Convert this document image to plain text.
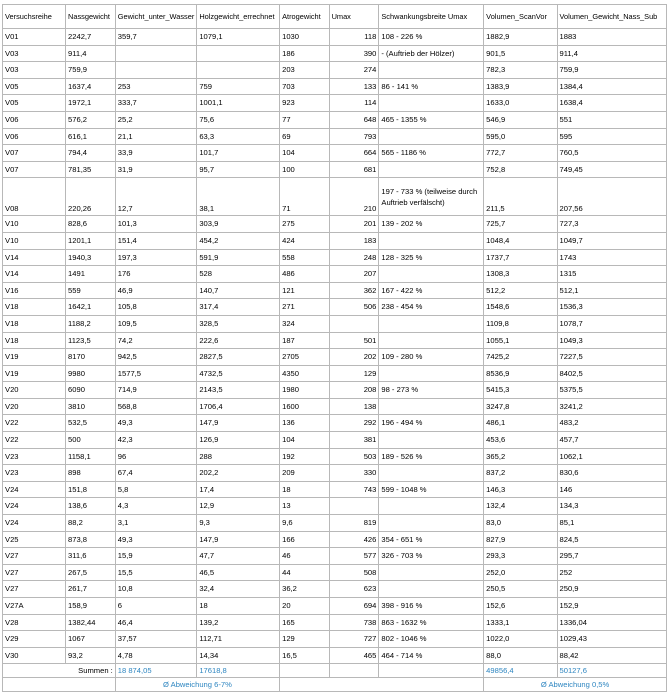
Versuchsreihe	Nassgewicht	Gewicht_unter_Wasser	Holzgewicht_errechnet	Atrogewicht	Umax	Schwankungsbreite Umax	Volumen_ScanVor	Volumen_Gewicht_Nass_Sub
V01	2242,7	359,7	1079,1	1030	118	108 - 226 %	1882,9	1883
V03	911,4			186	390	- (Auftrieb der Hölzer)	901,5	911,4
V03	759,9			203	274		782,3	759,9
V05	1637,4	253	759	703	133	86 - 141 %	1383,9	1384,4
V05	1972,1	333,7	1001,1	923	114		1633,0	1638,4
V06	576,2	25,2	75,6	77	648	465 - 1355 %	546,9	551
V06	616,1	21,1	63,3	69	793		595,0	595
V07	794,4	33,9	101,7	104	664	565 - 1186 %	772,7	760,5
V07	781,35	31,9	95,7	100	681		752,8	749,45
V08	220,26	12,7	38,1	71	210	197 - 733 % (teilweise durch Auftrieb verfälscht)	211,5	207,56
V10	828,6	101,3	303,9	275	201	139 - 202 %	725,7	727,3
V10	1201,1	151,4	454,2	424	183		1048,4	1049,7
V14	1940,3	197,3	591,9	558	248	128 - 325 %	1737,7	1743
V14	1491	176	528	486	207		1308,3	1315
V16	559	46,9	140,7	121	362	167 - 422 %	512,2	512,1
V18	1642,1	105,8	317,4	271	506	238 - 454 %	1548,6	1536,3
V18	1188,2	109,5	328,5	324			1109,8	1078,7
V18	1123,5	74,2	222,6	187	501		1055,1	1049,3
V19	8170	942,5	2827,5	2705	202	109 - 280 %	7425,2	7227,5
V19	9980	1577,5	4732,5	4350	129		8536,9	8402,5
V20	6090	714,9	2143,5	1980	208	98 - 273 %	5415,3	5375,5
V20	3810	568,8	1706,4	1600	138		3247,8	3241,2
V22	532,5	49,3	147,9	136	292	196 - 494 %	486,1	483,2
V22	500	42,3	126,9	104	381		453,6	457,7
V23	1158,1	96	288	192	503	189 - 526 %	365,2	1062,1
V23	898	67,4	202,2	209	330		837,2	830,6
V24	151,8	5,8	17,4	18	743	599 - 1048 %	146,3	146
V24	138,6	4,3	12,9	13			132,4	134,3
V24	88,2	3,1	9,3	9,6	819		83,0	85,1
V25	873,8	49,3	147,9	166	426	354 - 651 %	827,9	824,5
V27	311,6	15,9	47,7	46	577	326 - 703 %	293,3	295,7
V27	267,5	15,5	46,5	44	508		252,0	252
V27	261,7	10,8	32,4	36,2	623		250,5	250,9
V27A	158,9	6	18	20	694	398 - 916 %	152,6	152,9
V28	1382,44	46,4	139,2	165	738	863 - 1632 %	1333,1	1336,04
V29	1067	37,57	112,71	129	727	802 - 1046 %	1022,0	1029,43
V30	93,2	4,78	14,34	16,5	465	464 - 714 %	88,0	88,42
Summen :		18 874,05	17618,8				49856,4	50127,6
		Ø Abweichung 6-7%					Ø Abweichung 0,5%	
